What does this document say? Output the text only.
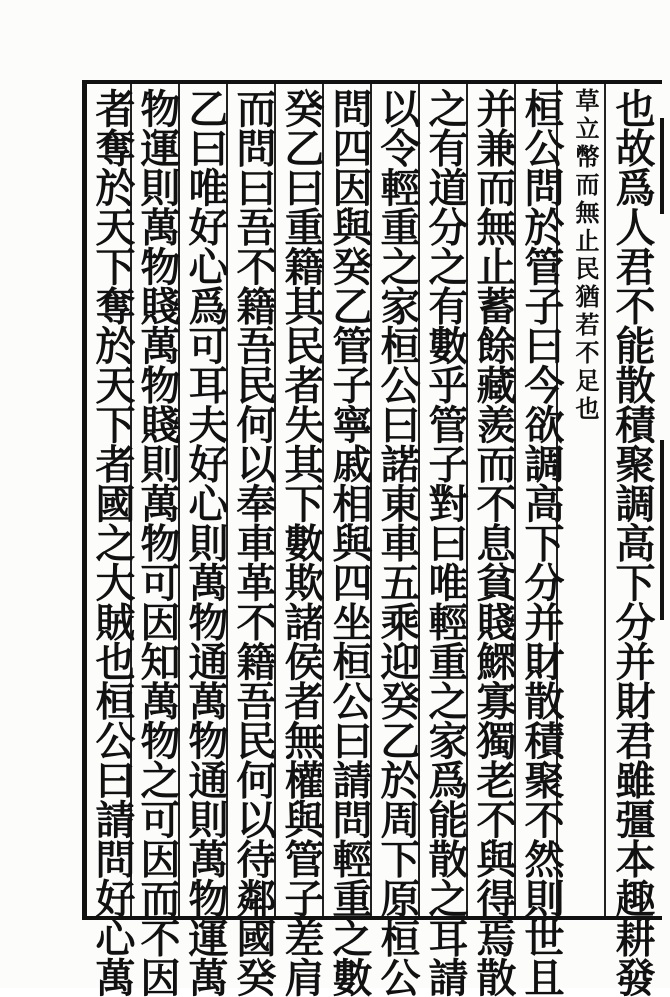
也故爲人君不能散積聚調高下分并財君雖彊本趣耕發
草立幣而無止民猶若不足也
桓公問於管子曰今欲調高下分并財散積聚不然則世且
并兼而無止蓄餘藏羨而不息貧賤鰥寡獨老不與得焉散
之有道分之有數乎管子對曰唯輕重之家爲能散之耳請
以令輕重之家桓公曰諾東車五乘迎癸乙於周下原桓公
問四因與癸乙管子寧戚相與四坐桓公曰請問輕重之數
癸乙曰重籍其民者失其下數欺諸侯者無權與管子差肩
而問曰吾不籍吾民何以奉車革不籍吾民何以待鄰國癸
乙曰唯好心爲可耳夫好心則萬物通萬物通則萬物運萬
物運則萬物賤萬物賤則萬物可因知萬物之可因而不因
者奪於天下奪於天下者國之大賊也桓公曰請問好心萬
